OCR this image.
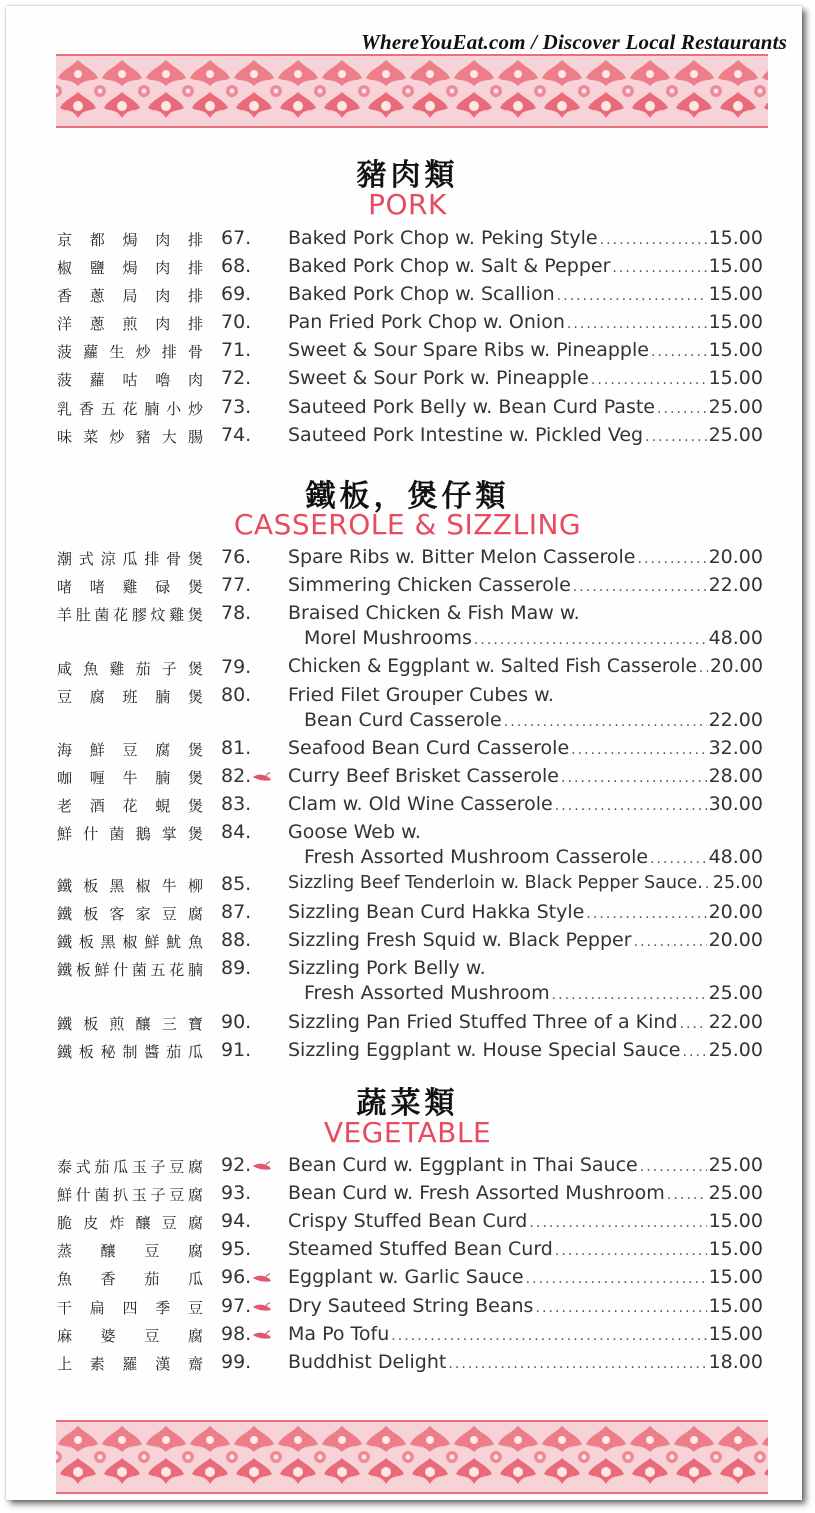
WhereYouEat.com / Discover Local Restaurants
豬肉類
PORK
京都焗肉排 67. Baked Pork Chop w. Peking Style . . .	15.00
椒鹽焗肉排 68. Baked Pork Chop w. Salt & Pepper . . .	15.00
香蔥局肉排 69. Baked Pork Chop w. Scallion . . .	15.00
洋蔥煎肉排 70. Pan Fried Pork Chop w. Onion . . .	15.00
菠蘿生炒排骨 71. Sweet & Sour Spare Ribs w. Pineapple . . .	15.00
菠蘿咕嚕肉 72. Sweet & Sour Pork w. Pineapple . . .	15.00
乳香五花腩小炒 73. Sauteed Pork Belly w. Bean Curd Paste . . .	25.00
味菜炒豬大腸 74. Sauteed Pork Intestine w. Pickled Veg . . .	25.00
鐵板，煲仔類
CASSEROLE & SIZZLING
潮式涼瓜排骨煲 76. Spare Ribs w. Bitter Melon Casserole . . .	20.00
啫啫雞碌煲 77. Simmering Chicken Casserole . . .	22.00
羊肚菌花膠炆雞煲 78. Braised Chicken & Fish Maw w.
Morel Mushrooms . . .	48.00
咸魚雞茄子煲 79. Chicken & Eggplant w. Salted Fish Casserole . . . 20.00
豆腐班腩煲 80. Fried Filet Grouper Cubes w.
Bean Curd Casserole . . .	22.00
海鮮豆腐煲 81. Seafood Bean Curd Casserole . . .	32.00
咖喱牛腩煲 82.	Curry Beef Brisket Casserole . . .	28.00
老酒花蜆煲 83. Clam w. Old Wine Casserole . . .	30.00
鮮什菌鵝掌煲 84. Goose Web w.
Fresh Assorted Mushroom Casserole . . .	48.00
鐵板黑椒牛柳 85. Sizzling Beef Tenderloin w. Black Pepper Sauce. . . . 25.00
鐵板客家豆腐 87. Sizzling Bean Curd Hakka Style . . .	20.00
鐵板黑椒鮮魷魚 88. Sizzling Fresh Squid w. Black Pepper . . .	20.00
鐵板鮮什菌五花腩 89. Sizzling Pork Belly w.
Fresh Assorted Mushroom . . .	25.00
鐵板煎釀三寶 90. Sizzling Pan Fried Stuffed Three of a Kind . . . 22.00
鐵板秘制醬茄瓜 91. Sizzling Eggplant w. House Special Sauce . . . 25.00
蔬菜類
VEGETABLE
泰式茄瓜玉子豆腐 92.	Bean Curd w. Eggplant in Thai Sauce . . .	25.00
鮮什菌扒玉子豆腐 93. Bean Curd w. Fresh Assorted Mushroom . . . 25.00
脆皮炸釀豆腐 94. Crispy Stuffed Bean Curd . . .	15.00
蒸釀豆腐 95. Steamed Stuffed Bean Curd . . .	15.00
魚香茄瓜 96.	Eggplant w. Garlic Sauce . . .	15.00
干扁四季豆 97.	Dry Sauteed String Beans . . .	15.00
麻婆豆腐 98.	Ma Po Tofu . . .	15.00
上素羅漢齋 99. Buddhist Delight . . .	18.00
